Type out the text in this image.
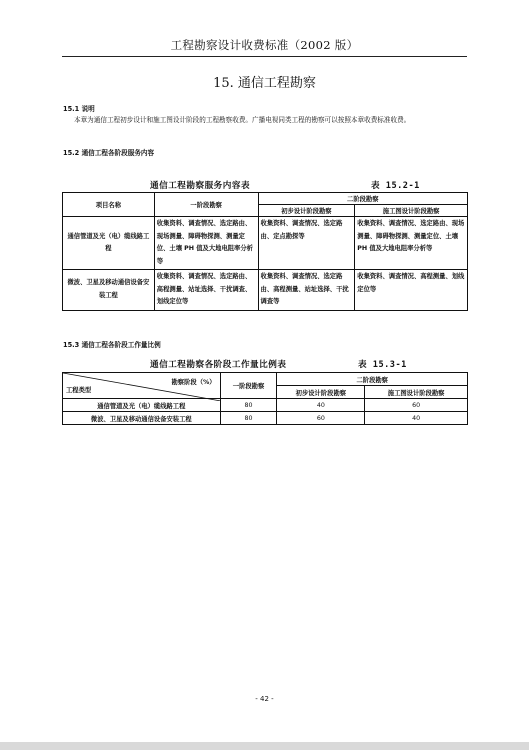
工程勘察设计收费标准（2002 版）
15. 通信工程勘察
15.1 说明
本章为通信工程初步设计和施工图设计阶段的工程勘察收费。广播电视同类工程的勘察可以按照本章收费标准收费。
15.2 通信工程各阶段服务内容
通信工程勘察服务内容表	表 15.2-1
项目名称	一阶段勘察	二阶段勘察	
		初步设计阶段勘察	施工图设计阶段勘察
通信管道及光（电）缆线路工程	收集资料、调查情况、选定路由、现场测量、障碍物探测、测量定位、土壤 PH 值及大地电阻率分析等	收集资料、调查情况、选定路由、定点勘探等	收集资料、调查情况、选定路由、现场测量、障碍物探测、测量定位、土壤 PH 值及大地电阻率分析等
微波、卫星及移动通信设备安装工程	收集资料、调查情况、选定路由、高程测量、站址选择、干扰调查、划线定位等	收集资料、调查情况、选定路由、高程测量、站址选择、干扰调查等	收集资料、调查情况、高程测量、划线定位等
15.3 通信工程各阶段工作量比例
通信工程勘察各阶段工作量比例表	表 15.3-1
勘察阶段（%）
工程类型	一阶段勘察	二阶段勘察	
		初步设计阶段勘察	施工图设计阶段勘察
通信管道及光（电）缆线路工程	80	40	60
微波、卫星及移动通信设备安装工程	80	60	40
- 42 -
